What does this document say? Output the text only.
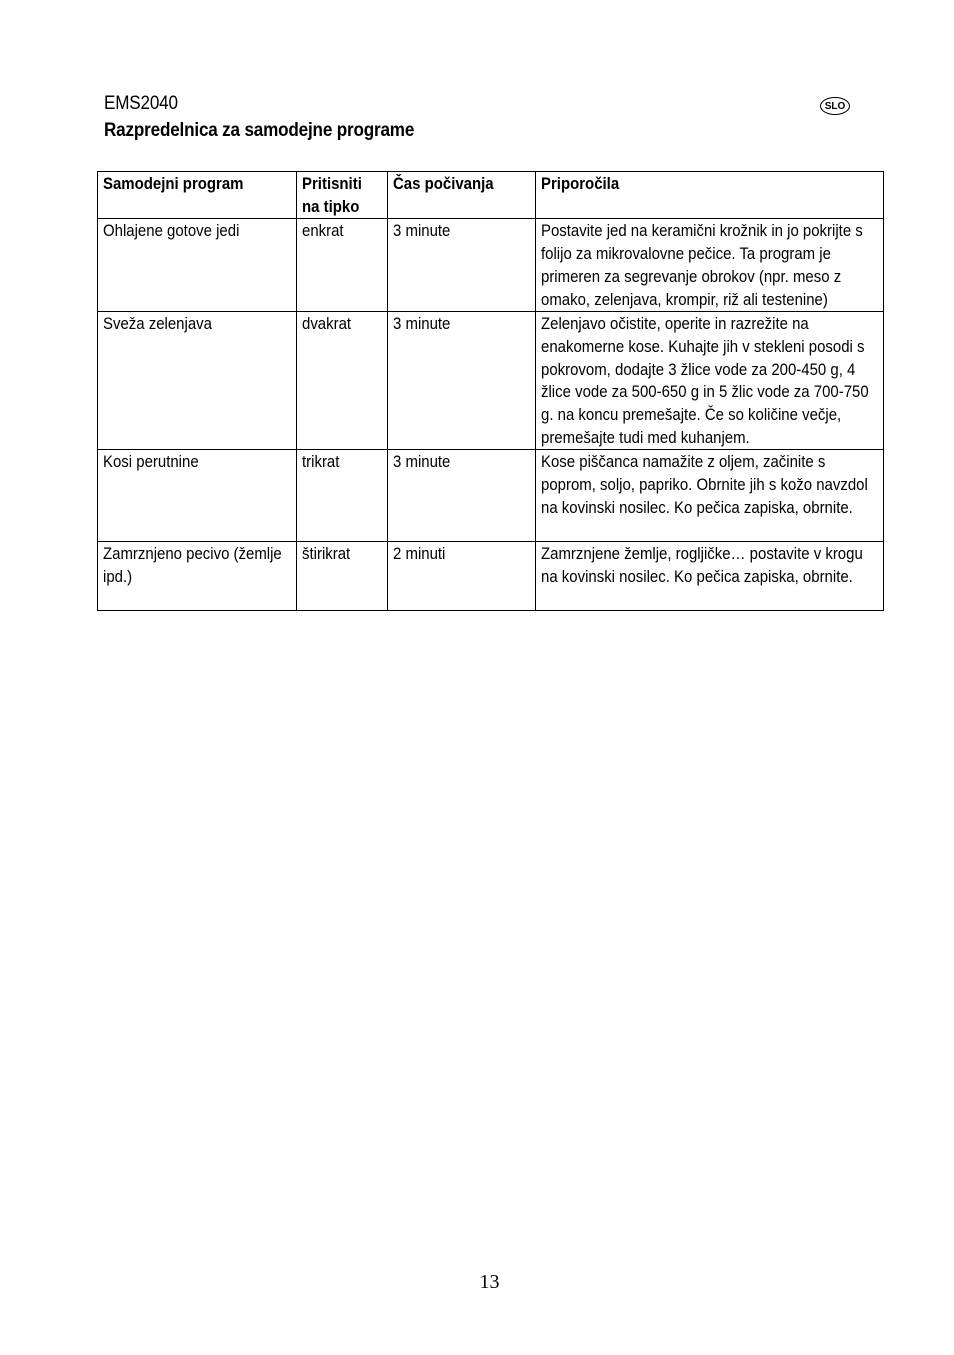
EMS2040
Razpredelnica za samodejne programe
SLO
Samodejni program	Pritisniti na tipko	Čas počivanja	Priporočila

Ohlajene gotove jedi	enkrat	3 minute	Postavite jed na keramični krožnik in jo pokrijte s folijo za mikrovalovne pečice. Ta program je primeren za segrevanje obrokov (npr. meso z omako, zelenjava, krompir, riž ali testenine)

Sveža zelenjava	dvakrat	3 minute	Zelenjavo očistite, operite in razrežite na enakomerne kose. Kuhajte jih v stekleni posodi s pokrovom, dodajte 3 žlice vode za 200-450 g, 4 žlice vode za 500-650 g in 5 žlic vode za 700-750 g. na koncu premešajte. Če so količine večje, premešajte tudi med kuhanjem.

Kosi perutnine	trikrat	3 minute	Kose piščanca namažite z oljem, začinite s poprom, soljo, papriko. Obrnite jih s kožo navzdol na kovinski nosilec. Ko pečica zapiska, obrnite.

Zamrznjeno pecivo (žemlje ipd.)	štirikrat	2 minuti	Zamrznjene žemlje, rogljičke… postavite v krogu na kovinski nosilec. Ko pečica zapiska, obrnite.
13
